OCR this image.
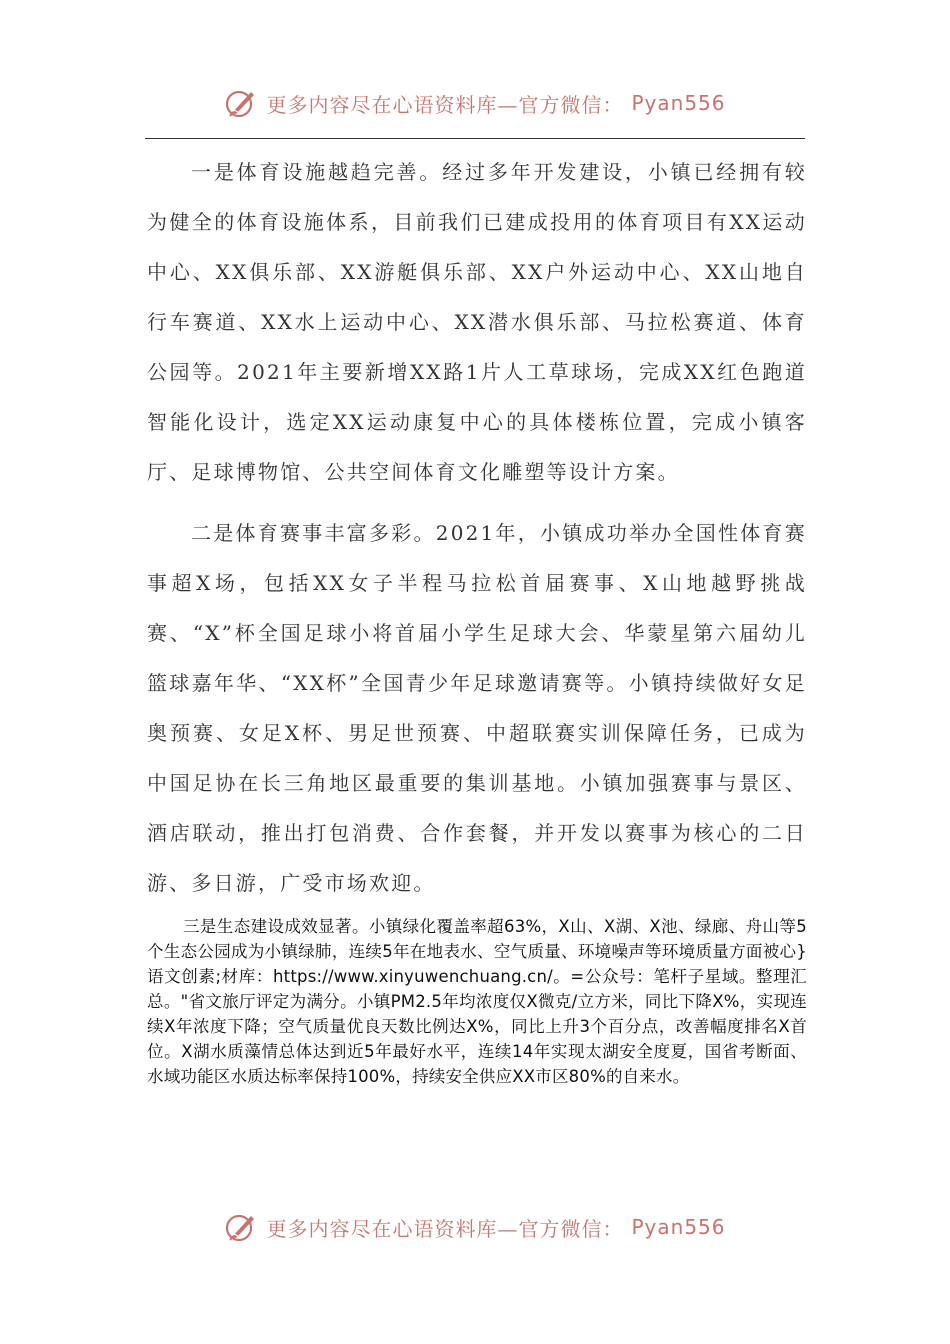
更多内容尽在心语资料库—官方微信： Pyan556

一是体育设施越趋完善。经过多年开发建设，小镇已经拥有较为健全的体育设施体系，目前我们已建成投用的体育项目有XX运动中心、XX俱乐部、XX游艇俱乐部、XX户外运动中心、XX山地自行车赛道、XX水上运动中心、XX潜水俱乐部、马拉松赛道、体育公园等。2021年主要新增XX路1片人工草球场，完成XX红色跑道智能化设计，选定XX运动康复中心的具体楼栋位置，完成小镇客厅、足球博物馆、公共空间体育文化雕塑等设计方案。

二是体育赛事丰富多彩。2021年，小镇成功举办全国性体育赛事超X场，包括XX女子半程马拉松首届赛事、X山地越野挑战赛、“X”杯全国足球小将首届小学生足球大会、华蒙星第六届幼儿篮球嘉年华、“XX杯”全国青少年足球邀请赛等。小镇持续做好女足奥预赛、女足X杯、男足世预赛、中超联赛实训保障任务，已成为中国足协在长三角地区最重要的集训基地。小镇加强赛事与景区、酒店联动，推出打包消费、合作套餐，并开发以赛事为核心的二日游、多日游，广受市场欢迎。

三是生态建设成效显著。小镇绿化覆盖率超63%，X山、X湖、X池、绿廊、舟山等5个生态公园成为小镇绿肺，连续5年在地表水、空气质量、环境噪声等环境质量方面被心}语文创素;材库：https://www.xinyuwenchuang.cn/。=公众号：笔杆子星域。整理汇总。"省文旅厅评定为满分。小镇PM2.5年均浓度仅X微克/立方米，同比下降X%，实现连续X年浓度下降；空气质量优良天数比例达X%，同比上升3个百分点，改善幅度排名X首位。X湖水质藻情总体达到近5年最好水平，连续14年实现太湖安全度夏，国省考断面、水域功能区水质达标率保持100%，持续安全供应XX市区80%的自来水。

更多内容尽在心语资料库—官方微信： Pyan556
